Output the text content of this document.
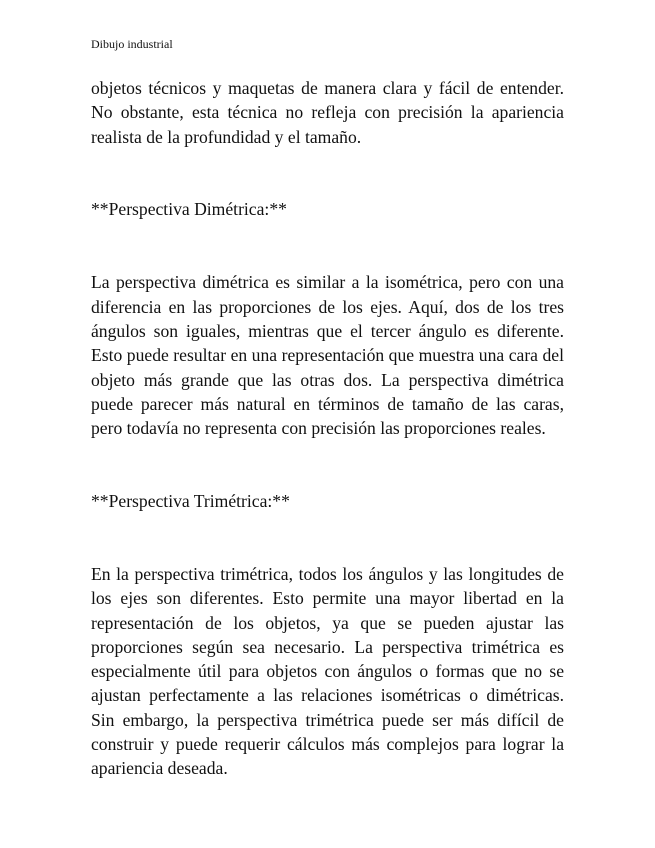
Dibujo industrial

objetos técnicos y maquetas de manera clara y fácil de entender. No obstante, esta técnica no refleja con precisión la apariencia realista de la profundidad y el tamaño.

**Perspectiva Dimétrica:**

La perspectiva dimétrica es similar a la isométrica, pero con una diferencia en las proporciones de los ejes. Aquí, dos de los tres ángulos son iguales, mientras que el tercer ángulo es diferente. Esto puede resultar en una representación que muestra una cara del objeto más grande que las otras dos. La perspectiva dimétrica puede parecer más natural en términos de tamaño de las caras, pero todavía no representa con precisión las proporciones reales.

**Perspectiva Trimétrica:**

En la perspectiva trimétrica, todos los ángulos y las longitudes de los ejes son diferentes. Esto permite una mayor libertad en la representación de los objetos, ya que se pueden ajustar las proporciones según sea necesario. La perspectiva trimétrica es especialmente útil para objetos con ángulos o formas que no se ajustan perfectamente a las relaciones isométricas o dimétricas. Sin embargo, la perspectiva trimétrica puede ser más difícil de construir y puede requerir cálculos más complejos para lograr la apariencia deseada.
